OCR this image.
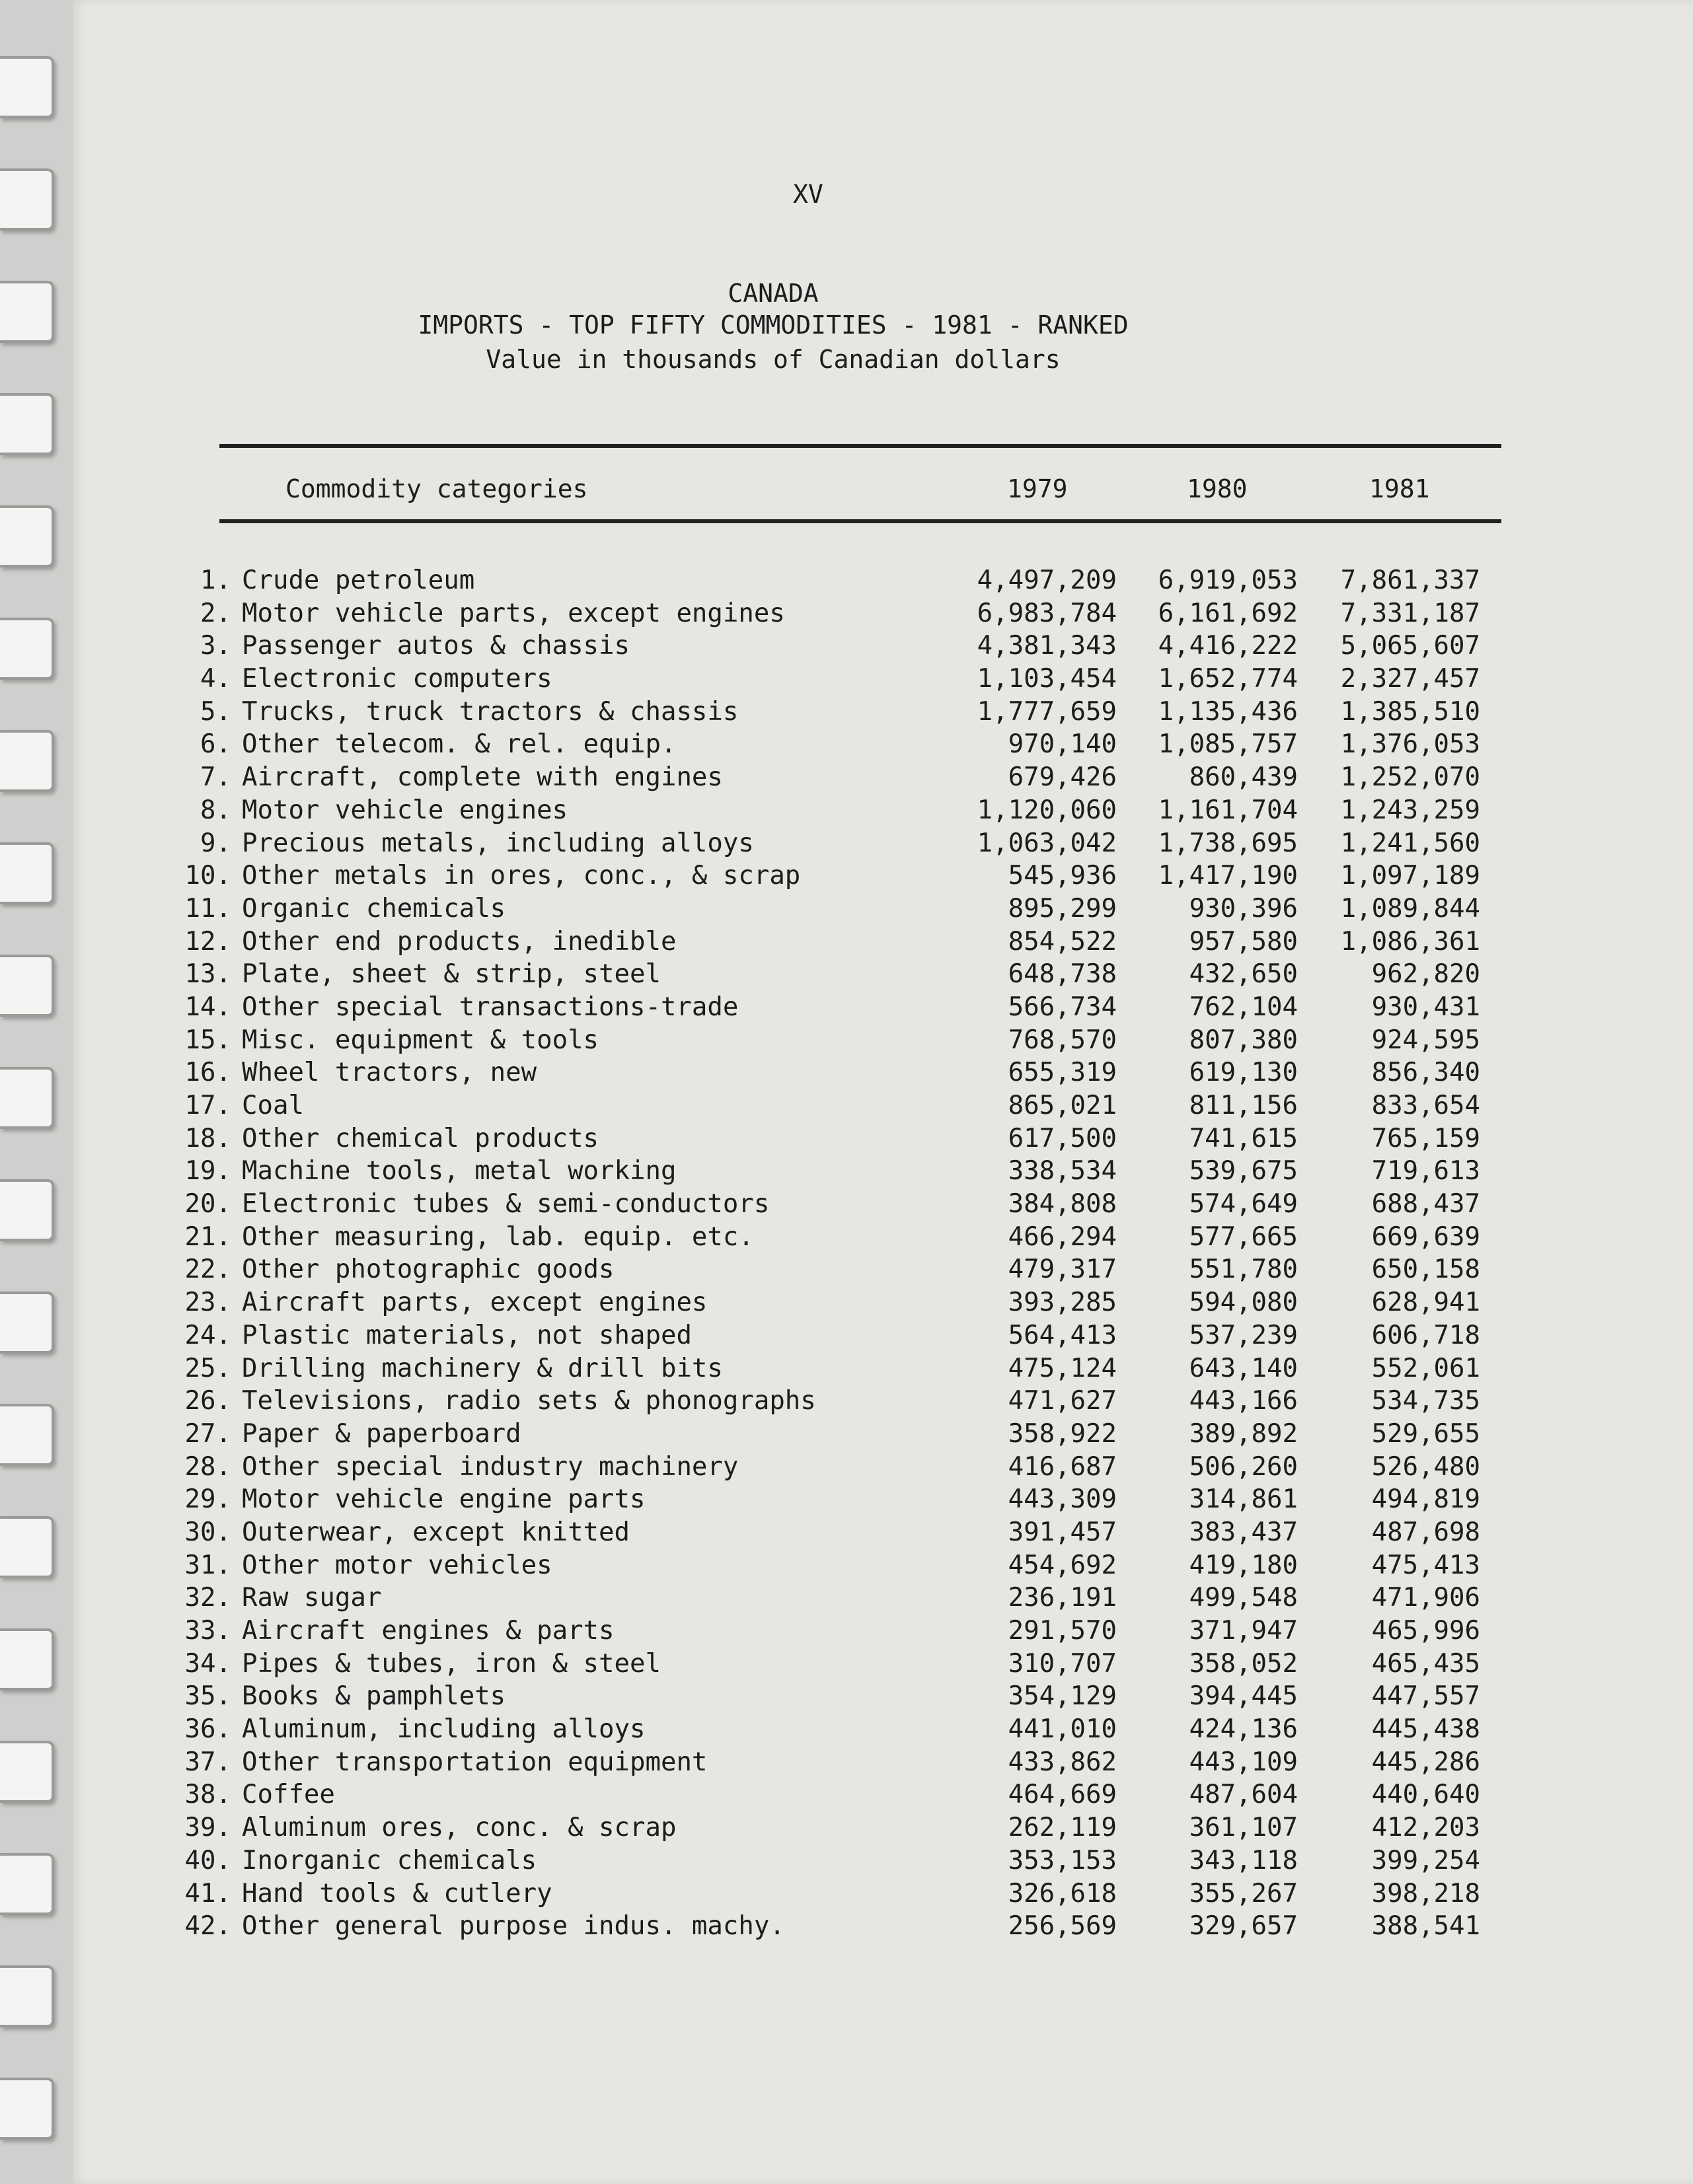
XV
CANADA
IMPORTS - TOP FIFTY COMMODITIES - 1981 - RANKED
Value in thousands of Canadian dollars
Commodity categories	1979	1980	1981
1. Crude petroleum	4,497,209	6,919,053	7,861,337
2. Motor vehicle parts, except engines	6,983,784	6,161,692	7,331,187
3. Passenger autos & chassis	4,381,343	4,416,222	5,065,607
4. Electronic computers	1,103,454	1,652,774	2,327,457
5. Trucks, truck tractors & chassis	1,777,659	1,135,436	1,385,510
6. Other telecom. & rel. equip.	970,140	1,085,757	1,376,053
7. Aircraft, complete with engines	679,426	860,439	1,252,070
8. Motor vehicle engines	1,120,060	1,161,704	1,243,259
9. Precious metals, including alloys	1,063,042	1,738,695	1,241,560
10. Other metals in ores, conc., & scrap	545,936	1,417,190	1,097,189
11. Organic chemicals	895,299	930,396	1,089,844
12. Other end products, inedible	854,522	957,580	1,086,361
13. Plate, sheet & strip, steel	648,738	432,650	962,820
14. Other special transactions-trade	566,734	762,104	930,431
15. Misc. equipment & tools	768,570	807,380	924,595
16. Wheel tractors, new	655,319	619,130	856,340
17. Coal	865,021	811,156	833,654
18. Other chemical products	617,500	741,615	765,159
19. Machine tools, metal working	338,534	539,675	719,613
20. Electronic tubes & semi-conductors	384,808	574,649	688,437
21. Other measuring, lab. equip. etc.	466,294	577,665	669,639
22. Other photographic goods	479,317	551,780	650,158
23. Aircraft parts, except engines	393,285	594,080	628,941
24. Plastic materials, not shaped	564,413	537,239	606,718
25. Drilling machinery & drill bits	475,124	643,140	552,061
26. Televisions, radio sets & phonographs	471,627	443,166	534,735
27. Paper & paperboard	358,922	389,892	529,655
28. Other special industry machinery	416,687	506,260	526,480
29. Motor vehicle engine parts	443,309	314,861	494,819
30. Outerwear, except knitted	391,457	383,437	487,698
31. Other motor vehicles	454,692	419,180	475,413
32. Raw sugar	236,191	499,548	471,906
33. Aircraft engines & parts	291,570	371,947	465,996
34. Pipes & tubes, iron & steel	310,707	358,052	465,435
35. Books & pamphlets	354,129	394,445	447,557
36. Aluminum, including alloys	441,010	424,136	445,438
37. Other transportation equipment	433,862	443,109	445,286
38. Coffee	464,669	487,604	440,640
39. Aluminum ores, conc. & scrap	262,119	361,107	412,203
40. Inorganic chemicals	353,153	343,118	399,254
41. Hand tools & cutlery	326,618	355,267	398,218
42. Other general purpose indus. machy.	256,569	329,657	388,541
